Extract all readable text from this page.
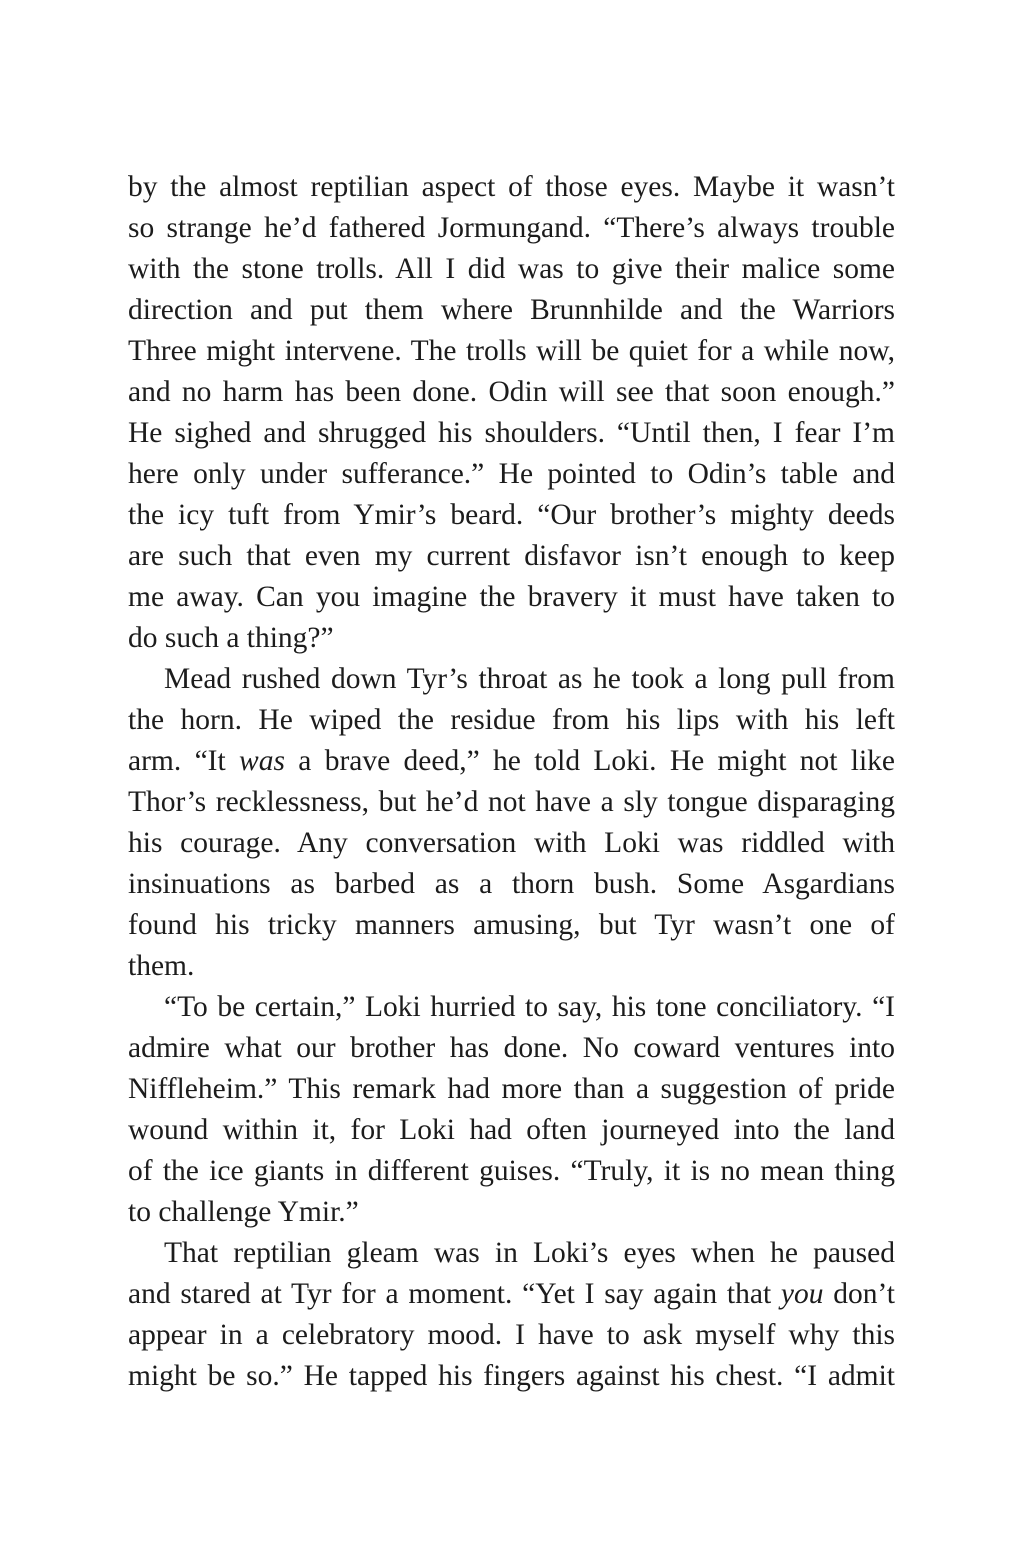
by the almost reptilian aspect of those eyes. Maybe it wasn’t
so strange he’d fathered Jormungand. “There’s always trouble
with the stone trolls. All I did was to give their malice some
direction and put them where Brunnhilde and the Warriors
Three might intervene. The trolls will be quiet for a while now,
and no harm has been done. Odin will see that soon enough.”
He sighed and shrugged his shoulders. “Until then, I fear I’m
here only under sufferance.” He pointed to Odin’s table and
the icy tuft from Ymir’s beard. “Our brother’s mighty deeds
are such that even my current disfavor isn’t enough to keep
me away. Can you imagine the bravery it must have taken to
do such a thing?”
Mead rushed down Tyr’s throat as he took a long pull from
the horn. He wiped the residue from his lips with his left
arm. “It was a brave deed,” he told Loki. He might not like
Thor’s recklessness, but he’d not have a sly tongue disparaging
his courage. Any conversation with Loki was riddled with
insinuations as barbed as a thorn bush. Some Asgardians
found his tricky manners amusing, but Tyr wasn’t one of
them.
“To be certain,” Loki hurried to say, his tone conciliatory. “I
admire what our brother has done. No coward ventures into
Niffleheim.” This remark had more than a suggestion of pride
wound within it, for Loki had often journeyed into the land
of the ice giants in different guises. “Truly, it is no mean thing
to challenge Ymir.”
That reptilian gleam was in Loki’s eyes when he paused
and stared at Tyr for a moment. “Yet I say again that you don’t
appear in a celebratory mood. I have to ask myself why this
might be so.” He tapped his fingers against his chest. “I admit
